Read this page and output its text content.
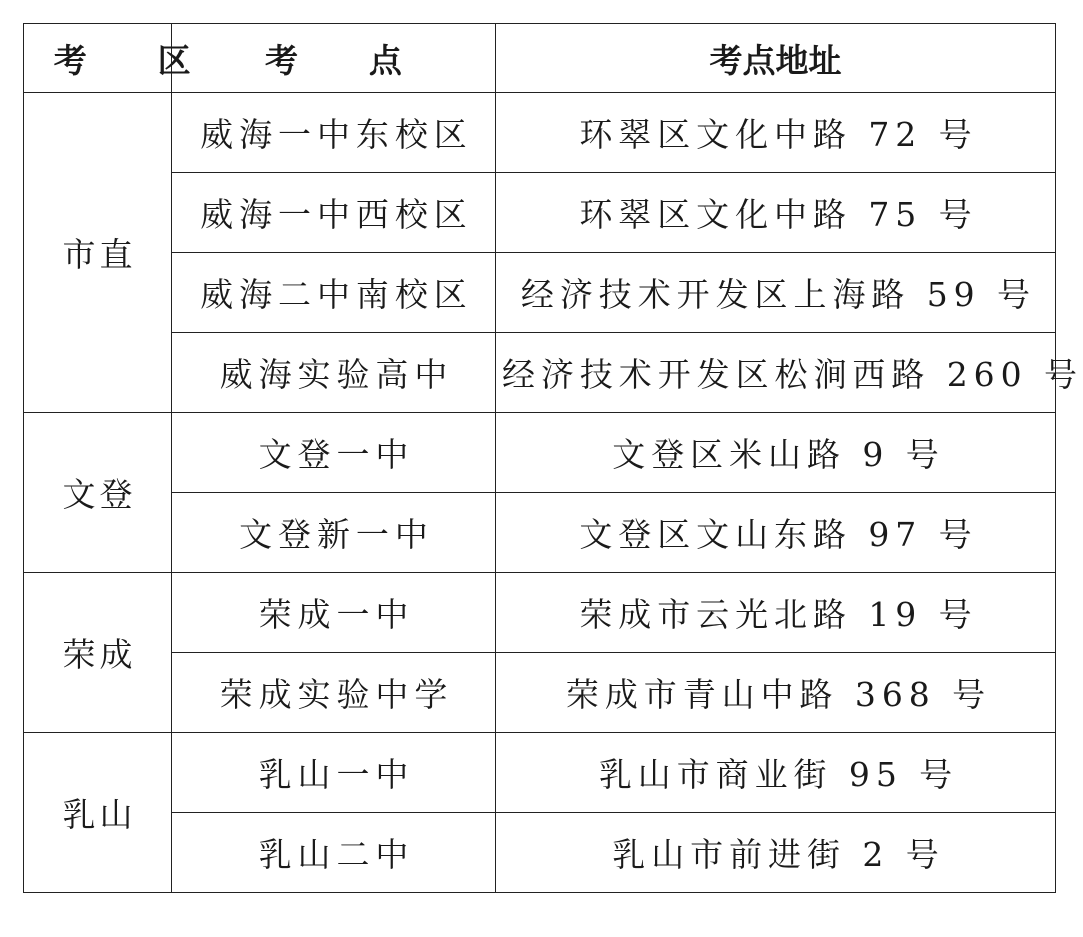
考 区	考 点	考点地址
市直	威海一中东校区	环翠区文化中路 72 号
	威海一中西校区	环翠区文化中路 75 号
	威海二中南校区	经济技术开发区上海路 59 号
	威海实验高中	经济技术开发区松涧西路 260 号
文登	文登一中	文登区米山路 9 号
	文登新一中	文登区文山东路 97 号
荣成	荣成一中	荣成市云光北路 19 号
	荣成实验中学	荣成市青山中路 368 号
乳山	乳山一中	乳山市商业街 95 号
	乳山二中	乳山市前进街 2 号
